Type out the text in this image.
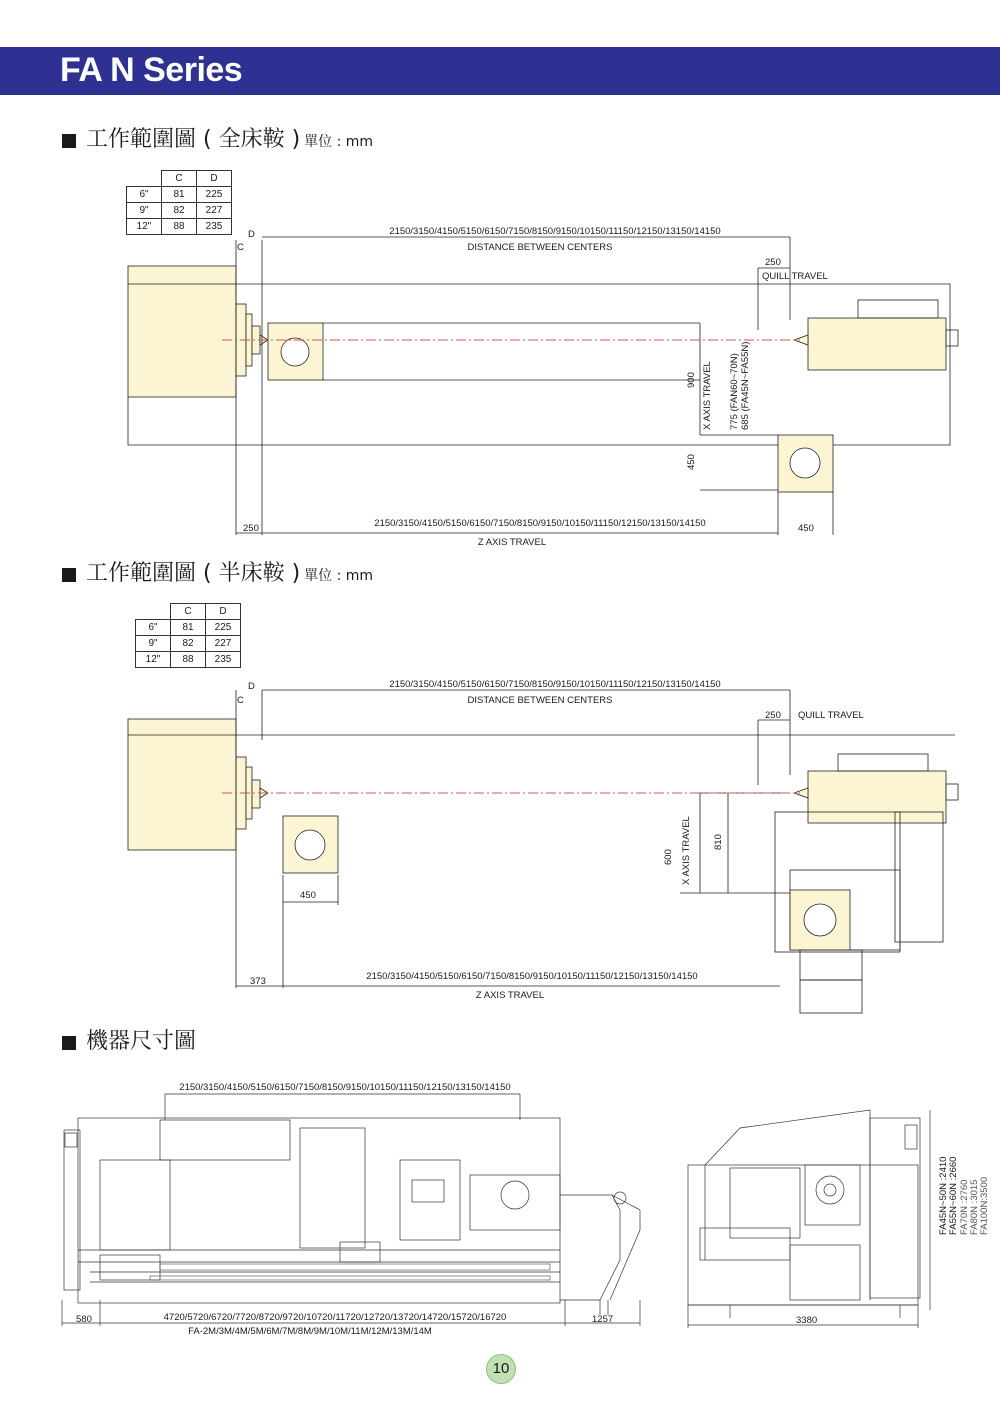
FA N Series
工作範圍圖 ( 全床鞍 ) 單位 : mm
工作範圍圖 ( 半床鞍 ) 單位 : mm
機器尺寸圖
	C	D
6"	81	225
9"	82	227
12"	88	235
	C	D
6"	81	225
9"	82	227
12"	88	235
D
C
2150/3150/4150/5150/6150/7150/8150/9150/10150/11150/12150/13150/14150
DISTANCE BETWEEN CENTERS
250
QUILL TRAVEL
900 X AXIS TRAVEL 775 (FAN60~70N) 685 (FA45N~FA55N)
450
250	2150/3150/4150/5150/6150/7150/8150/9150/10150/11150/12150/13150/14150	450
Z AXIS TRAVEL
D
C
2150/3150/4150/5150/6150/7150/8150/9150/10150/11150/12150/13150/14150
DISTANCE BETWEEN CENTERS
250 QUILL TRAVEL
600 X AXIS TRAVEL 810
450
373	2150/3150/4150/5150/6150/7150/8150/9150/10150/11150/12150/13150/14150
Z AXIS TRAVEL
2150/3150/4150/5150/6150/7150/8150/9150/10150/11150/12150/13150/14150
580	4720/5720/6720/7720/8720/9720/10720/11720/12720/13720/14720/15720/16720	1257
FA-2M/3M/4M/5M/6M/7M/8M/9M/10M/11M/12M/13M/14M
3380
FA45N~50N :2410 FA55N~60N :2660 FA70N :2760 FA80N :3015 FA100N:3500
10
